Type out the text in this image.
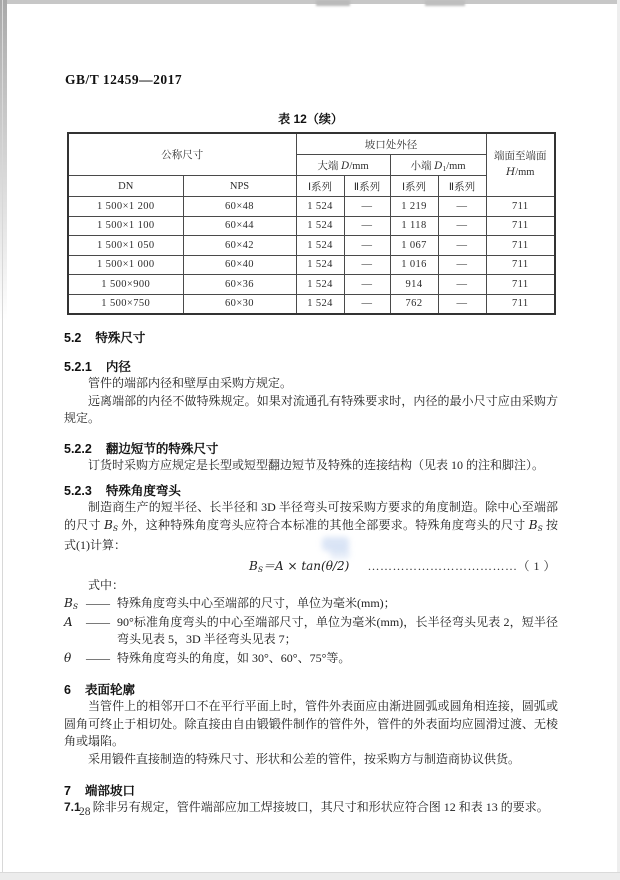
GB/T 12459—2017
表 12（续）
公称尺寸		坡口处外径				端面至端面
H/mm
		大端 D/mm		小端 $D_1/mm$		
DN	NPS	Ⅰ系列	Ⅱ系列	Ⅰ系列	Ⅱ系列	
1 500×1 200	60×48	1 524	—	1 219	—	711
1 500×1 100	60×44	1 524	—	1 118	—	711
1 500×1 050	60×42	1 524	—	1 067	—	711
1 500×1 000	60×40	1 524	—	1 016	—	711
1 500×900	60×36	1 524	—	914	—	711
1 500×750	60×30	1 524	—	762	—	711
5.2 特殊尺寸
5.2.1 内径

管件的端部内径和壁厚由采购方规定。

远离端部的内径不做特殊规定。如果对流通孔有特殊要求时，内径的最小尺寸应由采购方规定。

5.2.2 翻边短节的特殊尺寸

订货时采购方应规定是长型或短型翻边短节及特殊的连接结构（见表 10 的注和脚注）。

5.2.3 特殊角度弯头

制造商生产的短半径、长半径和 3D 半径弯头可按采购方要求的角度制造。除中心至端部的尺寸 $B_S$ 外，这种特殊角度弯头应符合本标准的其他全部要求。特殊角度弯头的尺寸 $B_S$ 按式(1)计算：

$B_S=A \times \tan(\theta/2)$ ………………………………（ 1 ）

式中：

$B_S$ —— 特殊角度弯头中心至端部的尺寸，单位为毫米(mm)；
A —— 90°标准角度弯头的中心至端部尺寸，单位为毫米(mm)，长半径弯头见表 2，短半径弯头见表 5，3D 半径弯头见表 7；
θ —— 特殊角度弯头的角度，如 30°、60°、75°等。
6 表面轮廓

当管件上的相邻开口不在平行平面上时，管件外表面应由渐进圆弧或圆角相连接，圆弧或圆角可终止于相切处。除直接由自由锻锻件制作的管件外，管件的外表面均应圆滑过渡、无棱角或塌陷。

采用锻件直接制造的特殊尺寸、形状和公差的管件，按采购方与制造商协议供货。

7 端部坡口

7.1 除非另有规定，管件端部应加工焊接坡口，其尺寸和形状应符合图 12 和表 13 的要求。

28
